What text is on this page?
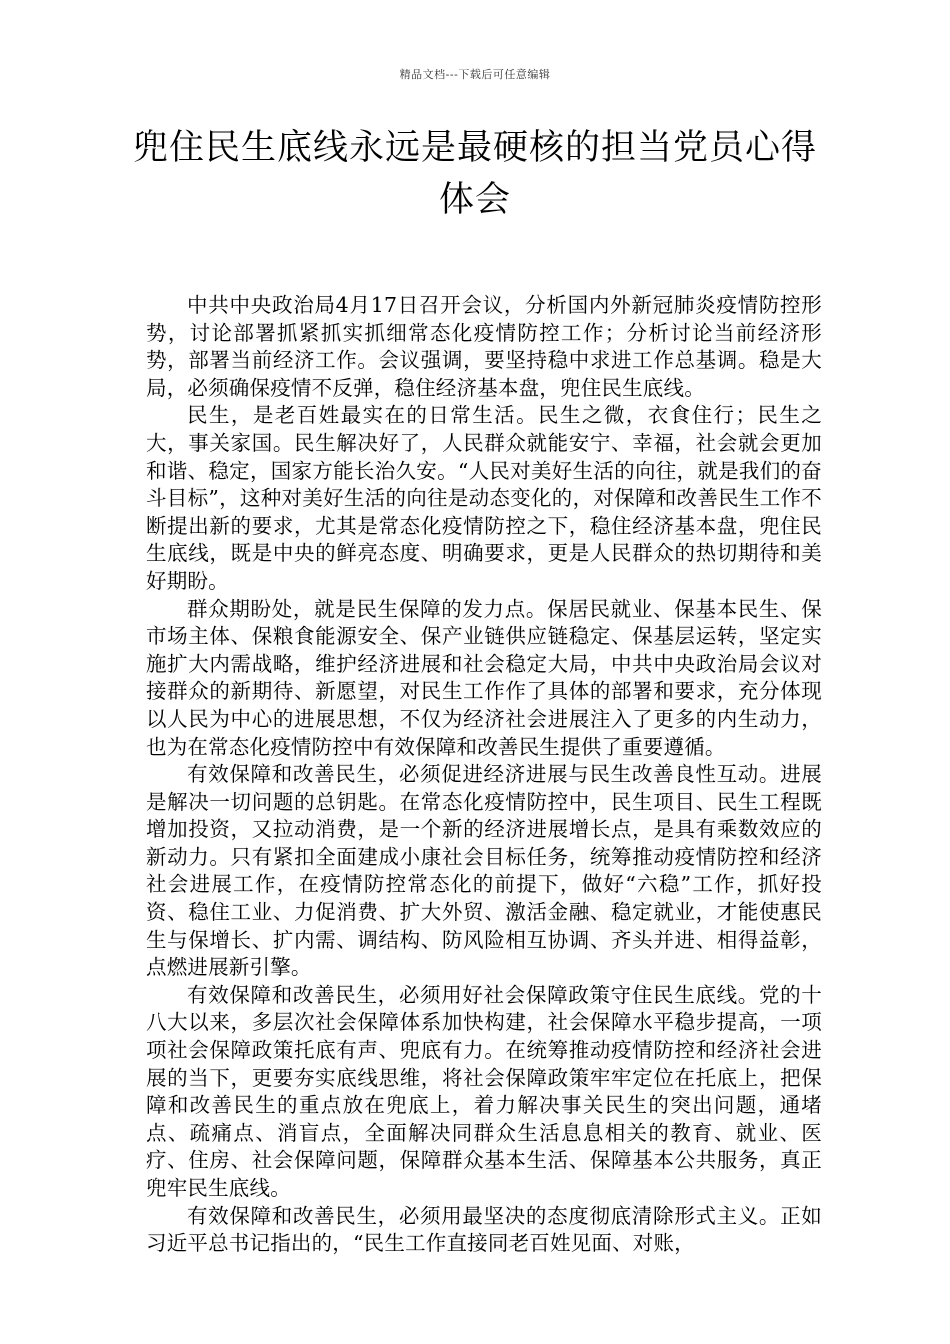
精品文档---下载后可任意编辑
兜住民生底线永远是最硬核的担当党员心得体会

中共中央政治局4月17日召开会议，分析国内外新冠肺炎疫情防控形势，讨论部署抓紧抓实抓细常态化疫情防控工作；分析讨论当前经济形势，部署当前经济工作。会议强调，要坚持稳中求进工作总基调。稳是大局，必须确保疫情不反弹，稳住经济基本盘，兜住民生底线。

民生，是老百姓最实在的日常生活。民生之微，衣食住行；民生之大，事关家国。民生解决好了，人民群众就能安宁、幸福，社会就会更加和谐、稳定，国家方能长治久安。“人民对美好生活的向往，就是我们的奋斗目标”，这种对美好生活的向往是动态变化的，对保障和改善民生工作不断提出新的要求，尤其是常态化疫情防控之下，稳住经济基本盘，兜住民生底线，既是中央的鲜亮态度、明确要求，更是人民群众的热切期待和美好期盼。

群众期盼处，就是民生保障的发力点。保居民就业、保基本民生、保市场主体、保粮食能源安全、保产业链供应链稳定、保基层运转，坚定实施扩大内需战略，维护经济进展和社会稳定大局，中共中央政治局会议对接群众的新期待、新愿望，对民生工作作了具体的部署和要求，充分体现以人民为中心的进展思想，不仅为经济社会进展注入了更多的内生动力，也为在常态化疫情防控中有效保障和改善民生提供了重要遵循。

有效保障和改善民生，必须促进经济进展与民生改善良性互动。进展是解决一切问题的总钥匙。在常态化疫情防控中，民生项目、民生工程既增加投资，又拉动消费，是一个新的经济进展增长点，是具有乘数效应的新动力。只有紧扣全面建成小康社会目标任务，统筹推动疫情防控和经济社会进展工作，在疫情防控常态化的前提下，做好“六稳”工作，抓好投资、稳住工业、力促消费、扩大外贸、激活金融、稳定就业，才能使惠民生与保增长、扩内需、调结构、防风险相互协调、齐头并进、相得益彰，点燃进展新引擎。

有效保障和改善民生，必须用好社会保障政策守住民生底线。党的十八大以来，多层次社会保障体系加快构建，社会保障水平稳步提高，一项项社会保障政策托底有声、兜底有力。在统筹推动疫情防控和经济社会进展的当下，更要夯实底线思维，将社会保障政策牢牢定位在托底上，把保障和改善民生的重点放在兜底上，着力解决事关民生的突出问题，通堵点、疏痛点、消盲点，全面解决同群众生活息息相关的教育、就业、医疗、住房、社会保障问题，保障群众基本生活、保障基本公共服务，真正兜牢民生底线。

有效保障和改善民生，必须用最坚决的态度彻底清除形式主义。正如习近平总书记指出的，“民生工作直接同老百姓见面、对账，
